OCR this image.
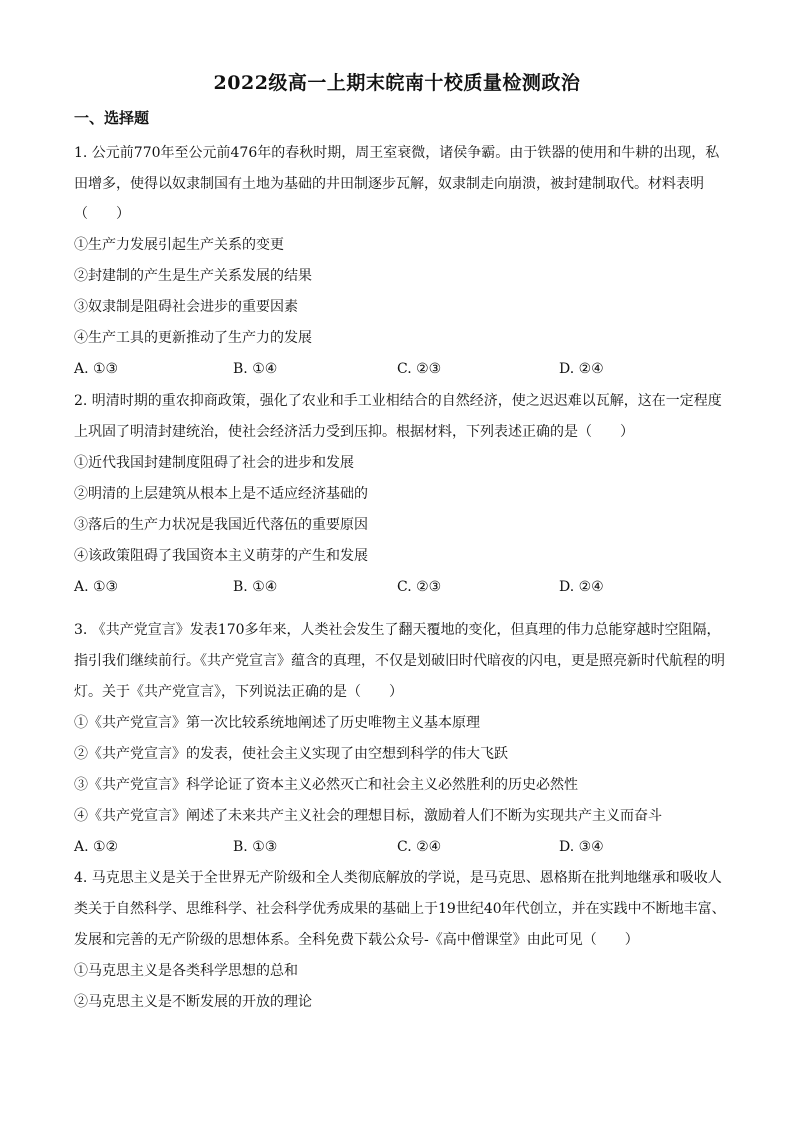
2022级高一上期末皖南十校质量检测政治
一、选择题
1. 公元前770年至公元前476年的春秋时期，周王室衰微，诸侯争霸。由于铁器的使用和牛耕的出现，私
田增多，使得以奴隶制国有土地为基础的井田制逐步瓦解，奴隶制走向崩溃，被封建制取代。材料表明
（　　）
①生产力发展引起生产关系的变更
②封建制的产生是生产关系发展的结果
③奴隶制是阻碍社会进步的重要因素
④生产工具的更新推动了生产力的发展
A. ①③	B. ①④	C. ②③	D. ②④
2. 明清时期的重农抑商政策，强化了农业和手工业相结合的自然经济，使之迟迟难以瓦解，这在一定程度
上巩固了明清封建统治，使社会经济活力受到压抑。根据材料，下列表述正确的是（　　）
①近代我国封建制度阻碍了社会的进步和发展
②明清的上层建筑从根本上是不适应经济基础的
③落后的生产力状况是我国近代落伍的重要原因
④该政策阻碍了我国资本主义萌芽的产生和发展
A. ①③	B. ①④	C. ②③	D. ②④
3. 《共产党宣言》发表170多年来，人类社会发生了翻天覆地的变化，但真理的伟力总能穿越时空阻隔，
指引我们继续前行。《共产党宣言》蕴含的真理，不仅是划破旧时代暗夜的闪电，更是照亮新时代航程的明
灯。关于《共产党宣言》，下列说法正确的是（　　）
①《共产党宣言》第一次比较系统地阐述了历史唯物主义基本原理
②《共产党宣言》的发表，使社会主义实现了由空想到科学的伟大飞跃
③《共产党宣言》科学论证了资本主义必然灭亡和社会主义必然胜利的历史必然性
④《共产党宣言》阐述了未来共产主义社会的理想目标，激励着人们不断为实现共产主义而奋斗
A. ①②	B. ①③	C. ②④	D. ③④
4. 马克思主义是关于全世界无产阶级和全人类彻底解放的学说，是马克思、恩格斯在批判地继承和吸收人
类关于自然科学、思维科学、社会科学优秀成果的基础上于19世纪40年代创立，并在实践中不断地丰富、
发展和完善的无产阶级的思想体系。全科免费下载公众号-《高中僧课堂》由此可见（　　）
①马克思主义是各类科学思想的总和
②马克思主义是不断发展的开放的理论
